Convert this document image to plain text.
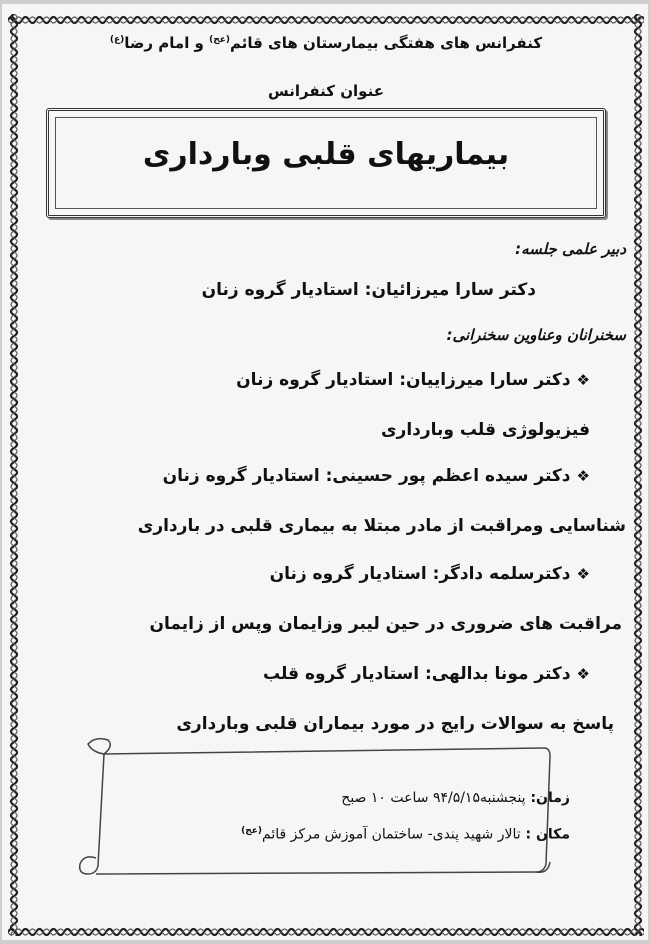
کنفرانس های هفتگی بیمارستان های قائم$^{(عج)}$ و امام رضا$^{(ع)}$
عنوان کنفرانس
بیماریهای قلبی وبارداری
دبیر علمی جلسه:
دکتر سارا میرزائیان: استادیار گروه زنان
سخنرانان وعناوین سخنرانی:
❖دکتر سارا میرزاییان: استادیار گروه زنان
فیزیولوژی قلب وبارداری
❖دکتر سیده اعظم پور حسینی: استادیار گروه زنان
شناسایی ومراقبت از مادر مبتلا به بیماری قلبی در بارداری
❖دکترسلمه دادگر: استادیار گروه زنان
مراقبت های ضروری در حین لیبر وزایمان وپس از زایمان
❖دکتر مونا بدالهی: استادیار گروه قلب
پاسخ به سوالات رایج در مورد بیماران قلبی وبارداری
زمان: پنجشنبه۹۴/۵/۱۵ ساعت ۱۰ صبح
مکان : تالار شهید پندی- ساختمان آموزش مرکز قائم$^{(عج)}$
